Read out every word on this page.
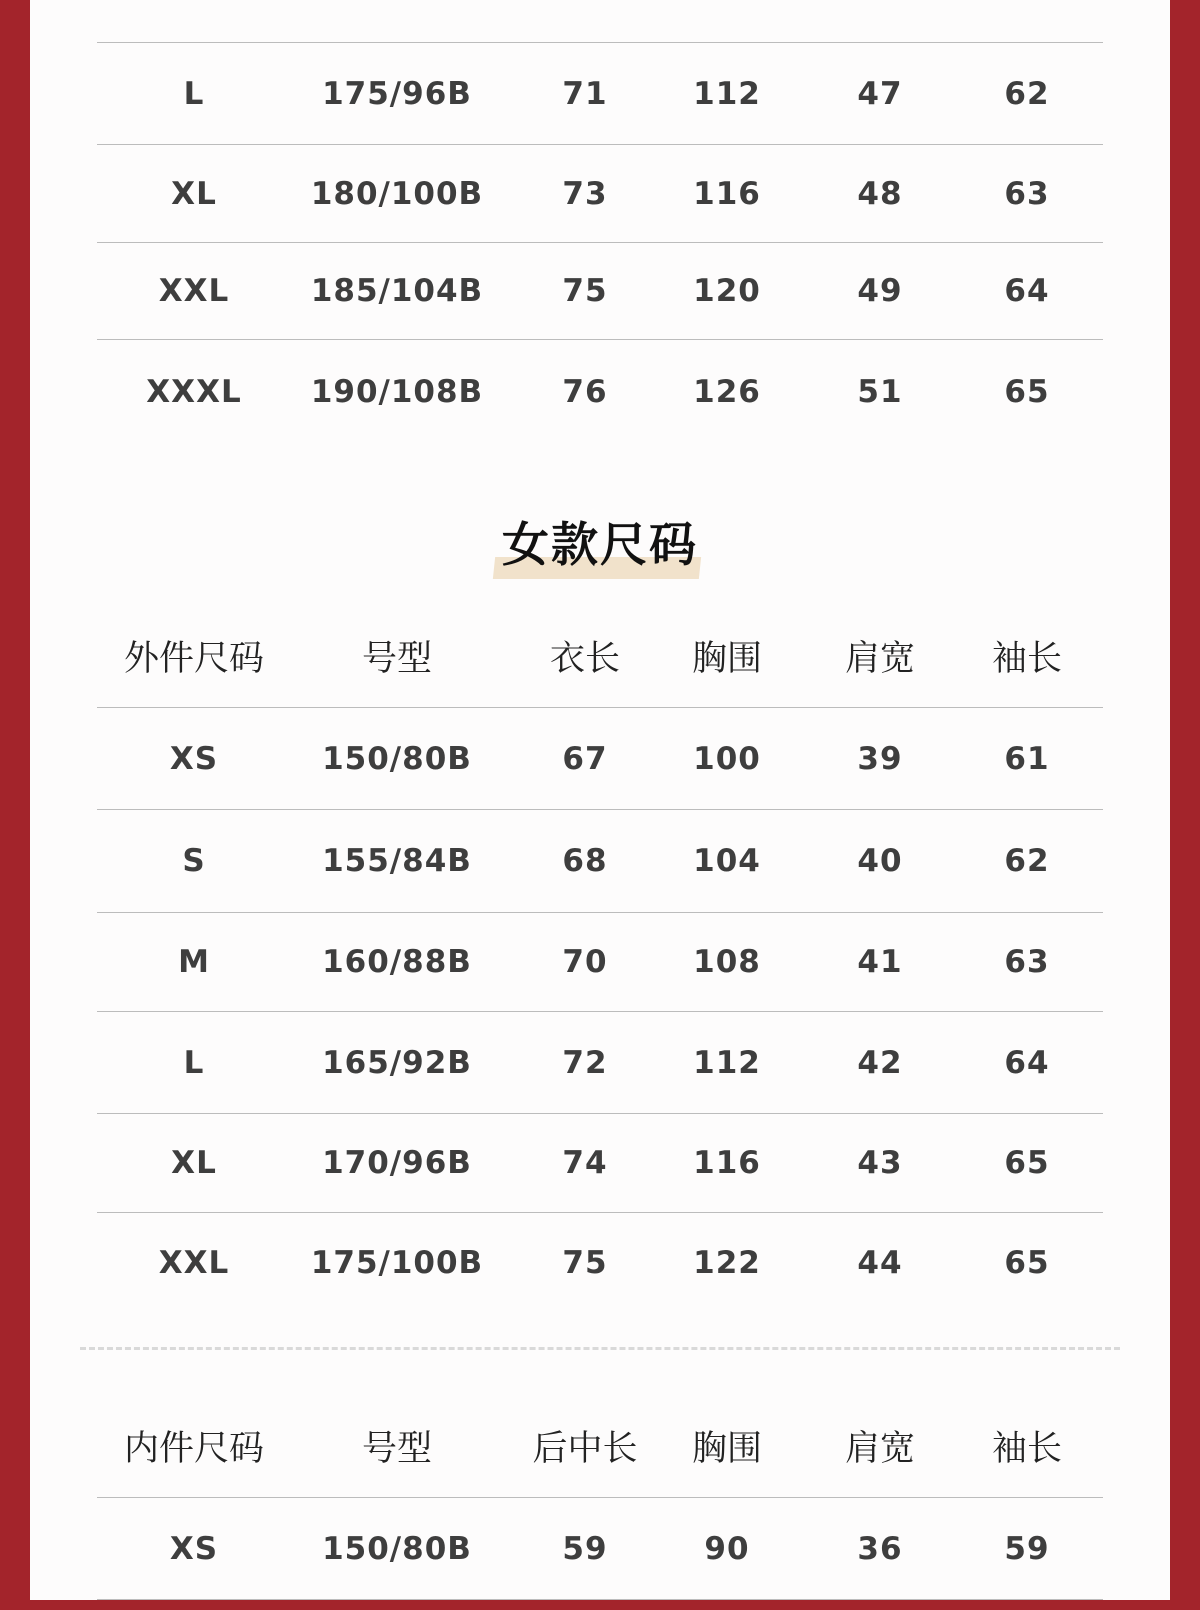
L	175/96B	71	112	47	62
XL	180/100B	73	116	48	63
XXL	185/104B	75	120	49	64
XXXL 190/108B	76	126	51	65
女款尺码
外件尺码	号型	衣长 胸围 肩宽 袖长
XS	150/80B	67	100	39	61
S	155/84B	68	104	40	62
M	160/88B	70	108	41	63
L	165/92B	72	112	42	64
XL	170/96B	74	116	43	65
XXL	175/100B	75	122	44	65
内件尺码	号型	后中长 胸围 肩宽 袖长
XS	150/80B	59	90	36	59
